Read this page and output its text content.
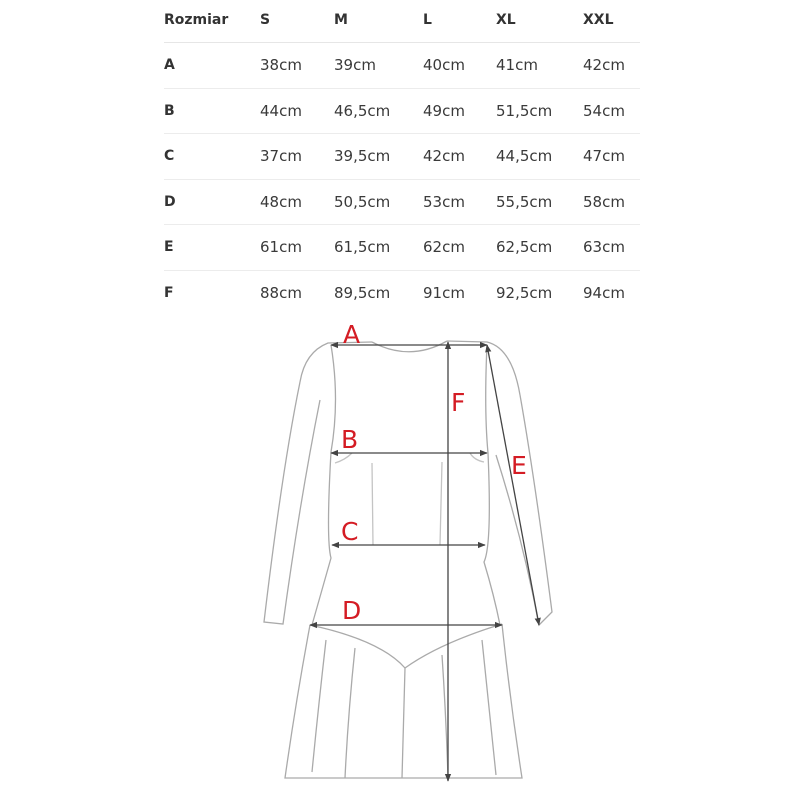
Rozmiar S	M	L	XL	XXL
A	38cm 39cm	40cm 41cm	42cm
B	44cm 46,5cm 49cm 51,5cm 54cm
C	37cm 39,5cm 42cm 44,5cm 47cm
D	48cm 50,5cm 53cm 55,5cm 58cm
E	61cm 61,5cm 62cm 62,5cm 63cm
F	88cm 89,5cm 91cm 92,5cm 94cm
A
B
C
D
E
F
